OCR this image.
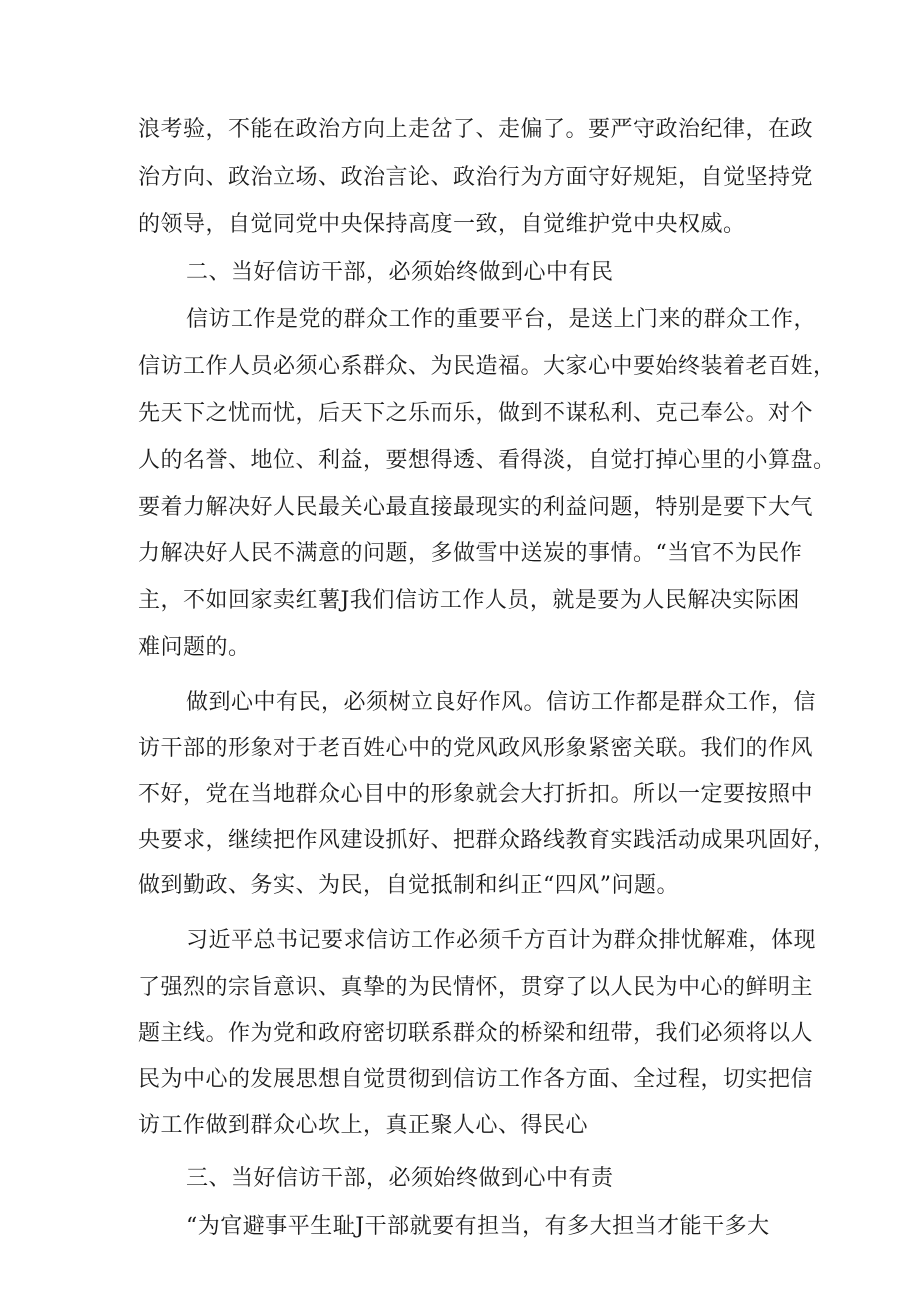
浪考验，不能在政治方向上走岔了、走偏了。要严守政治纪律，在政
治方向、政治立场、政治言论、政治行为方面守好规矩，自觉坚持党
的领导，自觉同党中央保持高度一致，自觉维护党中央权威。
二、当好信访干部，必须始终做到心中有民
信访工作是党的群众工作的重要平台，是送上门来的群众工作，
信访工作人员必须心系群众、为民造福。大家心中要始终装着老百姓，
先天下之忧而忧，后天下之乐而乐，做到不谋私利、克己奉公。对个
人的名誉、地位、利益，要想得透、看得淡，自觉打掉心里的小算盘。
要着力解决好人民最关心最直接最现实的利益问题，特别是要下大气
力解决好人民不满意的问题，多做雪中送炭的事情。“当官不为民作
主，不如回家卖红薯J我们信访工作人员，就是要为人民解决实际困
难问题的。
做到心中有民，必须树立良好作风。信访工作都是群众工作，信
访干部的形象对于老百姓心中的党风政风形象紧密关联。我们的作风
不好，党在当地群众心目中的形象就会大打折扣。所以一定要按照中
央要求，继续把作风建设抓好、把群众路线教育实践活动成果巩固好，
做到勤政、务实、为民，自觉抵制和纠正“四风”问题。
习近平总书记要求信访工作必须千方百计为群众排忧解难，体现
了强烈的宗旨意识、真挚的为民情怀，贯穿了以人民为中心的鲜明主
题主线。作为党和政府密切联系群众的桥梁和纽带，我们必须将以人
民为中心的发展思想自觉贯彻到信访工作各方面、全过程，切实把信
访工作做到群众心坎上，真正聚人心、得民心
三、当好信访干部，必须始终做到心中有责
“为官避事平生耻J干部就要有担当，有多大担当才能干多大
